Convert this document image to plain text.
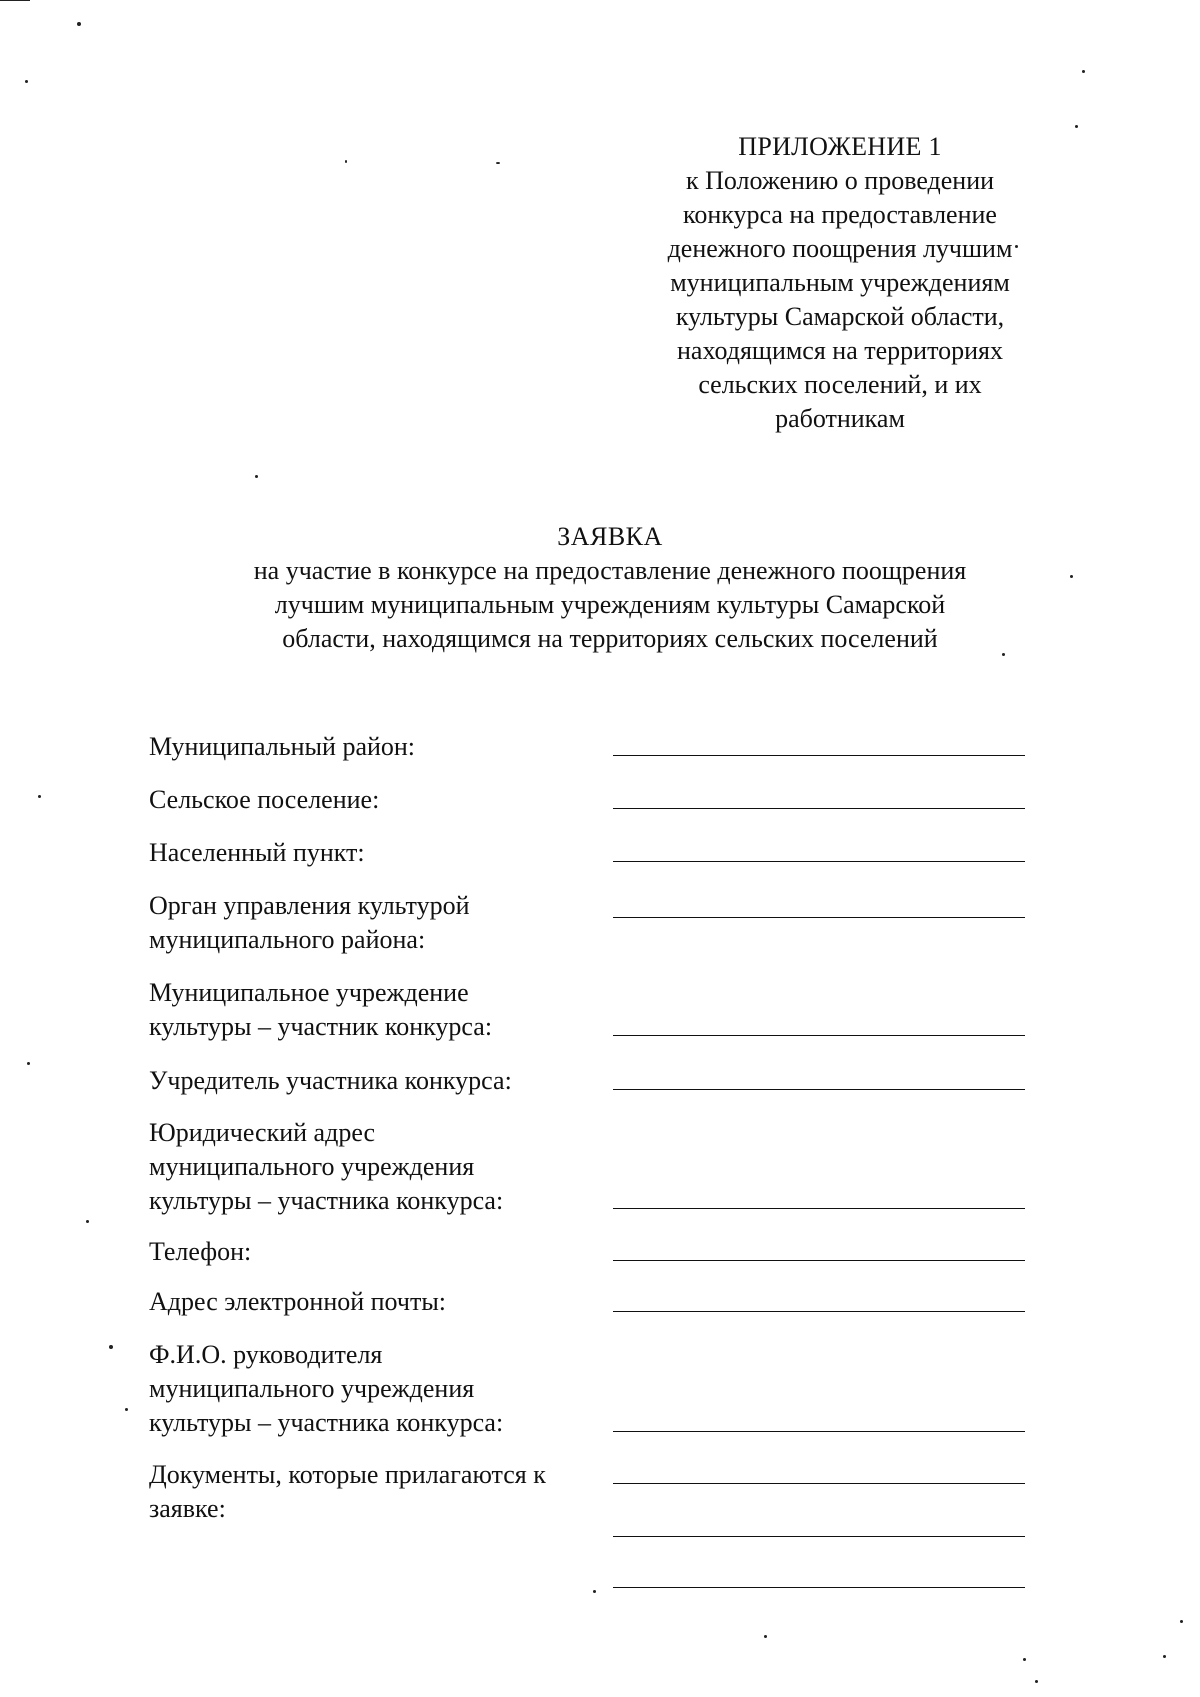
ПРИЛОЖЕНИЕ 1
к Положению о проведении
конкурса на предоставление
денежного поощрения лучшим
муниципальным учреждениям
культуры Самарской области,
находящимся на территориях
сельских поселений, и их
работникам
ЗАЯВКА
на участие в конкурсе на предоставление денежного поощрения
лучшим муниципальным учреждениям культуры Самарской
области, находящимся на территориях сельских поселений
Муниципальный район:
Сельское поселение:
Населенный пункт:
Орган управления культурой
муниципального района:
Муниципальное учреждение
культуры – участник конкурса:
Учредитель участника конкурса:
Юридический адрес
муниципального учреждения
культуры – участника конкурса:
Телефон:
Адрес электронной почты:
Ф.И.О. руководителя
муниципального учреждения
культуры – участника конкурса:
Документы, которые прилагаются к
заявке:
